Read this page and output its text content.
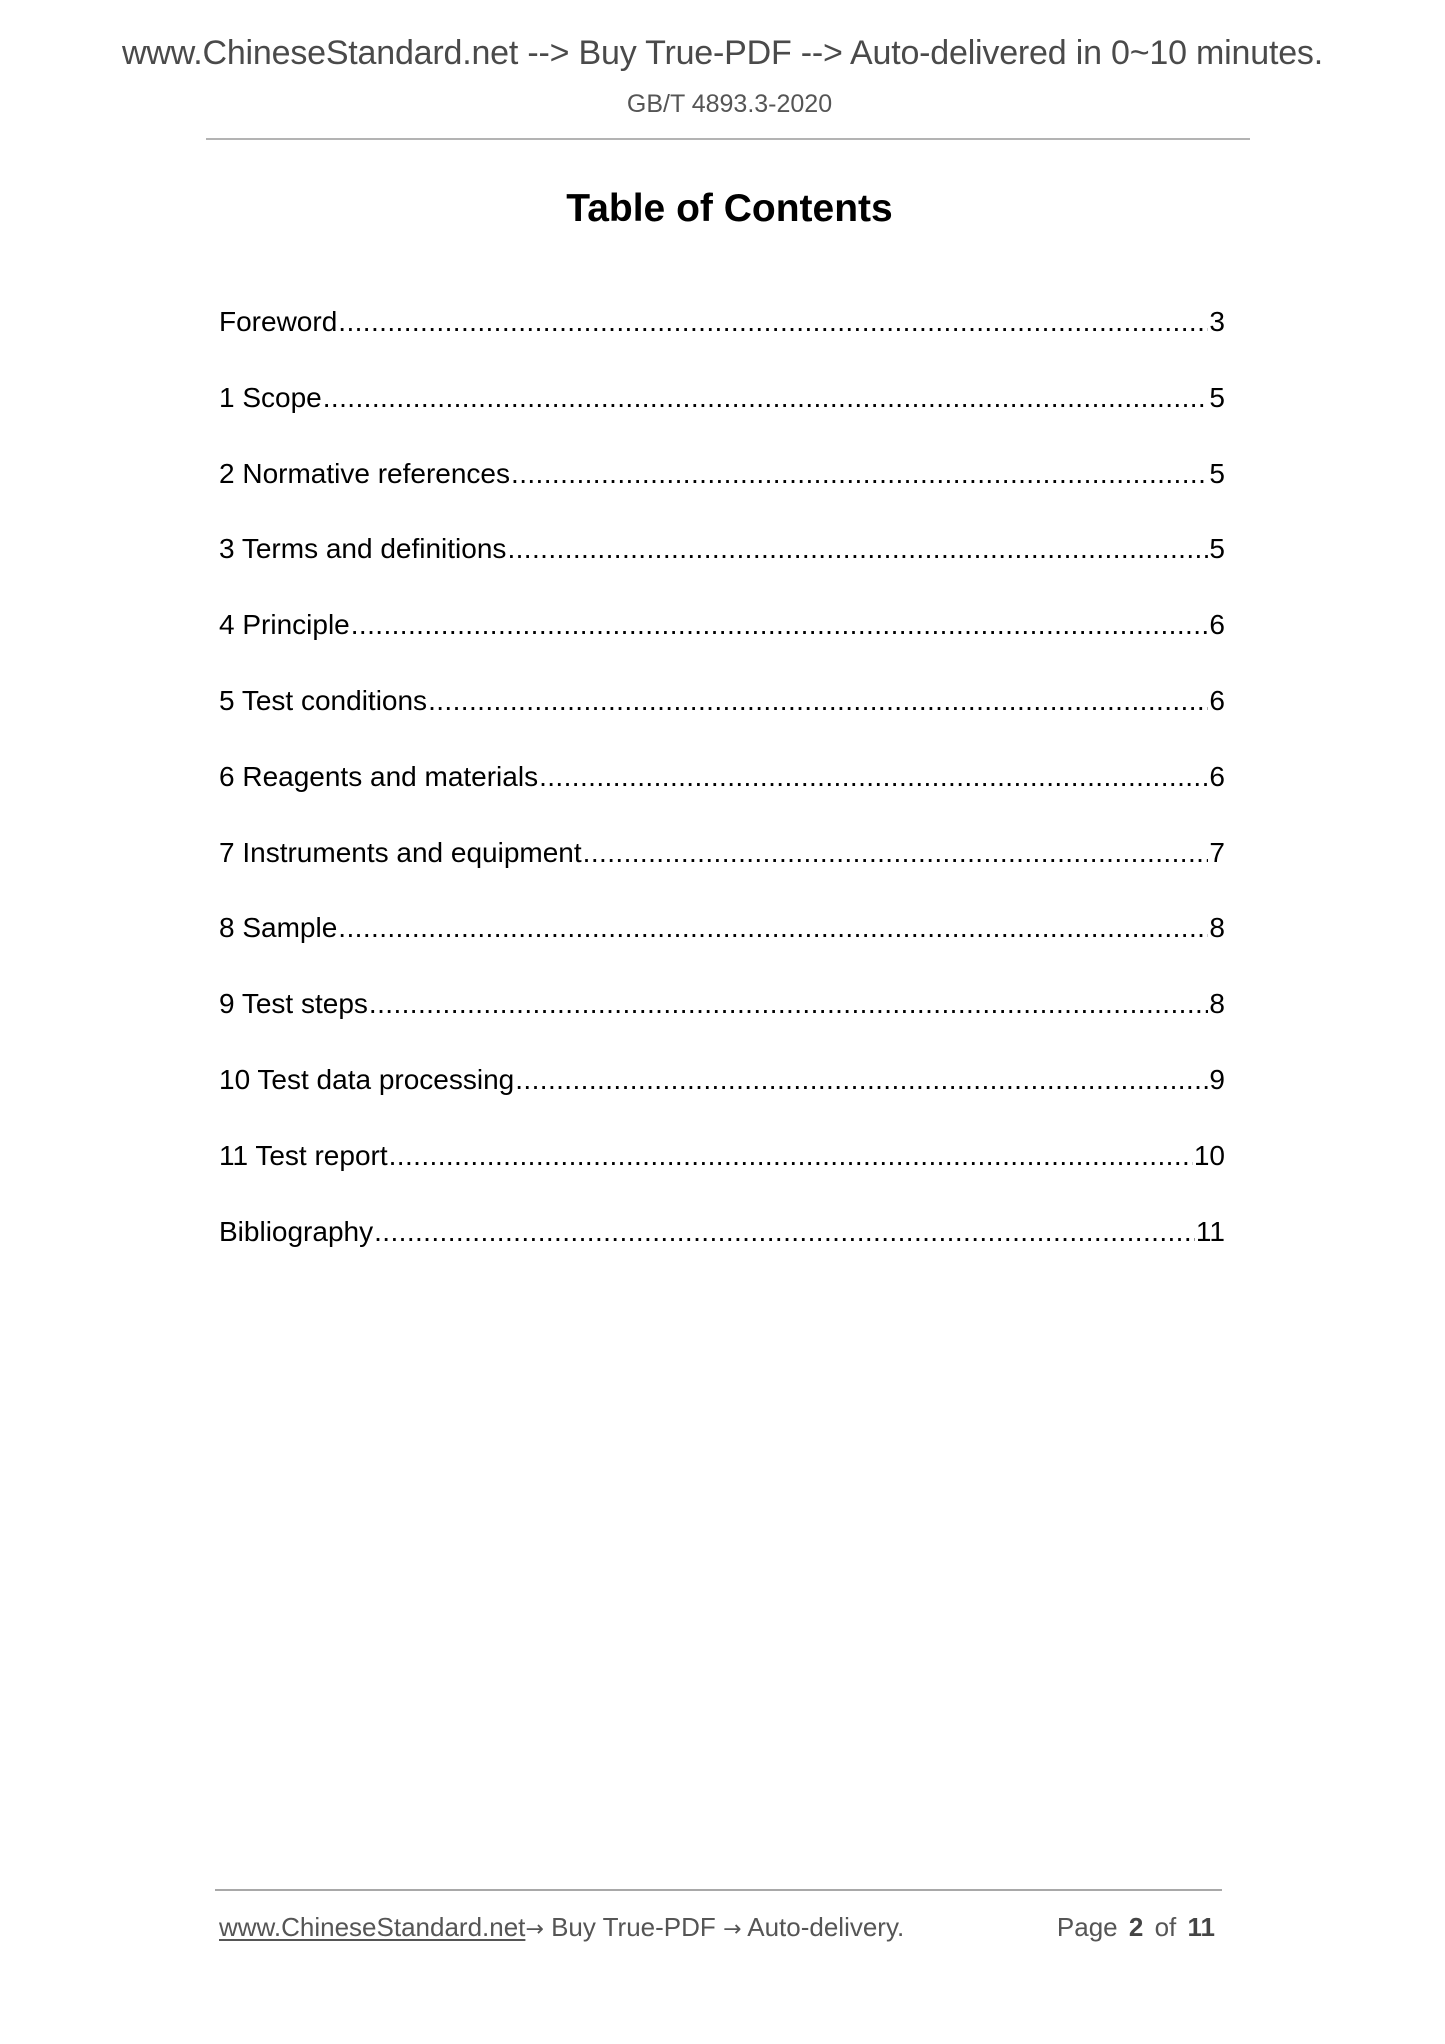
www.ChineseStandard.net --> Buy True-PDF --> Auto-delivered in 0~10 minutes.
GB/T 4893.3-2020
Table of Contents
Foreword .....	3
1 Scope .....	5
2 Normative references .....	5
3 Terms and definitions .....	5
4 Principle .....	6
5 Test conditions .....	6
6 Reagents and materials .....	6
7 Instruments and equipment .....	7
8 Sample .....	8
9 Test steps .....	8
10 Test data processing .....	9
11 Test report .....	10
Bibliography .....	11
www.ChineseStandard.net→ Buy True-PDF → Auto-delivery.	Page 2 of 11
